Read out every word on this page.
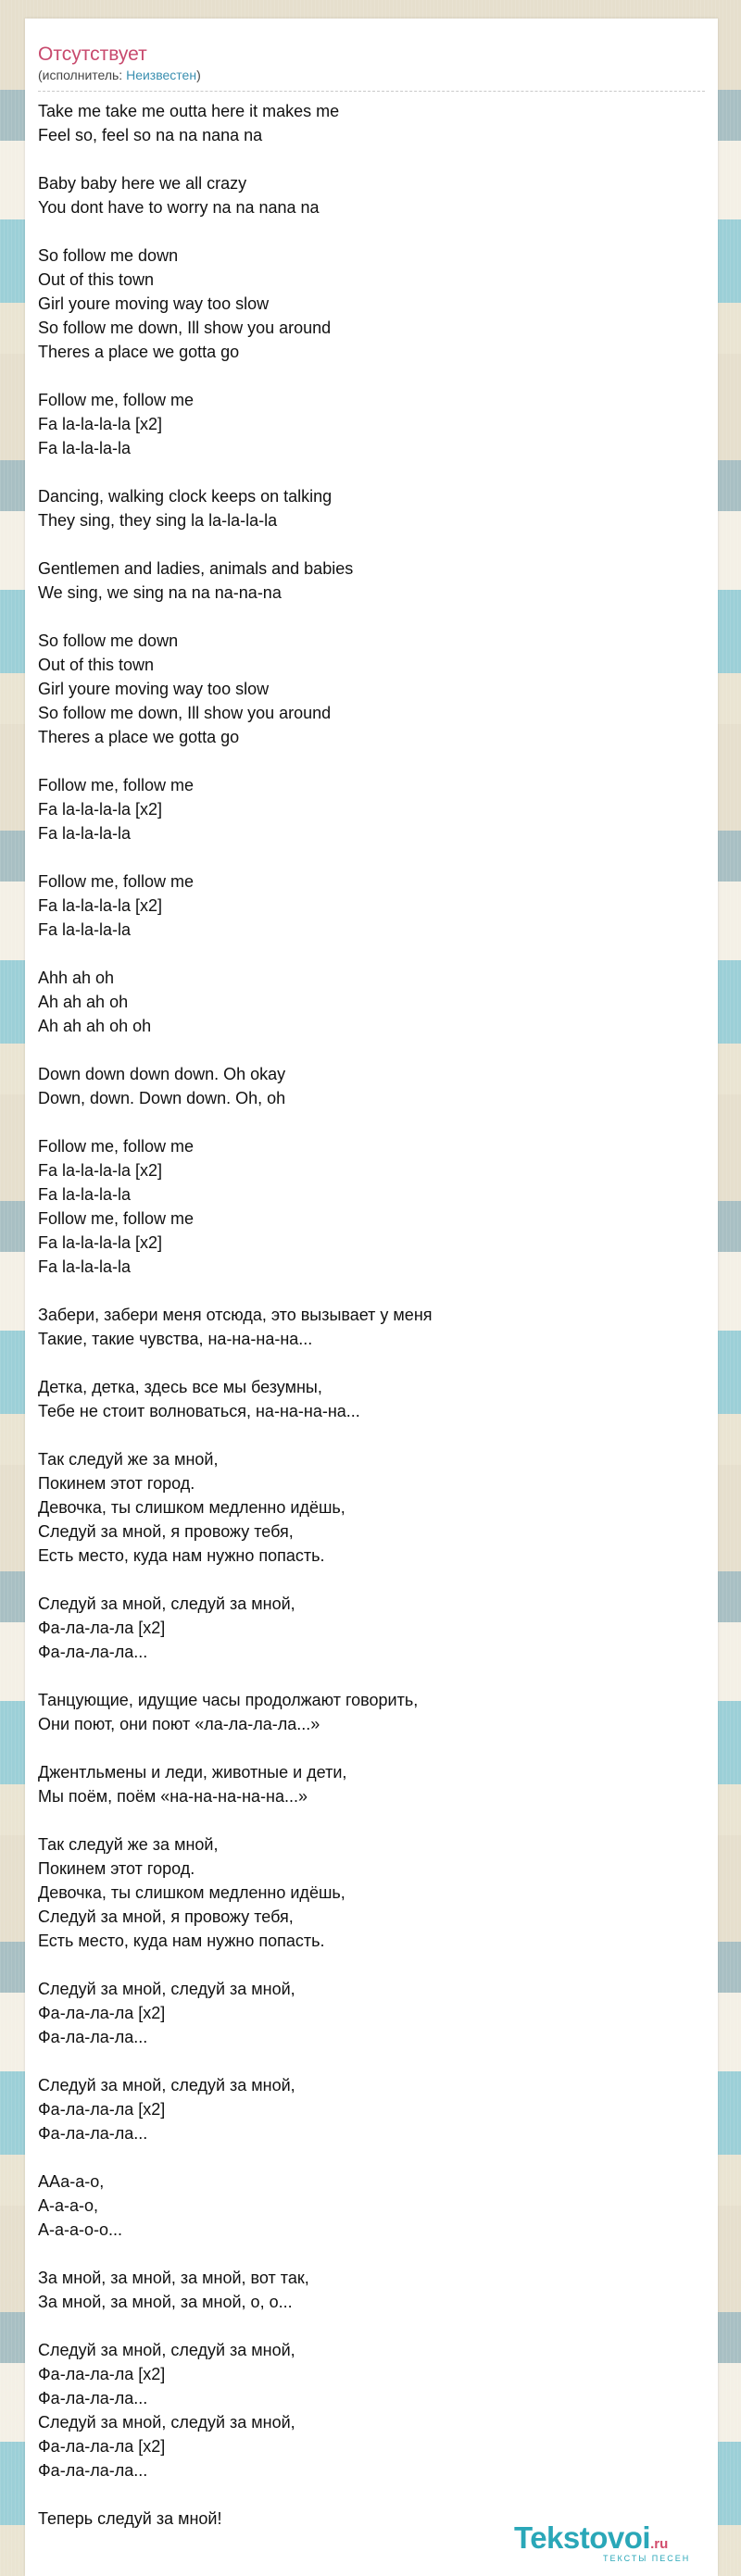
Отсутствует
(исполнитель: Неизвестен)
Take me take me outta here it makes me
Feel so, feel so na na nana na

Baby baby here we all crazy
You dont have to worry na na nana na

So follow me down
Out of this town
Girl youre moving way too slow
So follow me down, Ill show you around
Theres a place we gotta go

Follow me, follow me
Fa la-la-la-la [x2]
Fa la-la-la-la

Dancing, walking clock keeps on talking
They sing, they sing la la-la-la-la

Gentlemen and ladies, animals and babies
We sing, we sing na na na-na-na

So follow me down
Out of this town
Girl youre moving way too slow
So follow me down, Ill show you around
Theres a place we gotta go

Follow me, follow me
Fa la-la-la-la [x2]
Fa la-la-la-la

Follow me, follow me
Fa la-la-la-la [x2]
Fa la-la-la-la

Ahh ah oh
Ah ah ah oh
Ah ah ah oh oh

Down down down down. Oh okay
Down, down. Down down. Oh, oh

Follow me, follow me
Fa la-la-la-la [x2]
Fa la-la-la-la
Follow me, follow me
Fa la-la-la-la [x2]
Fa la-la-la-la

Забери, забери меня отсюда, это вызывает у меня
Такие, такие чувства, на-на-на-на...

Детка, детка, здесь все мы безумны,
Тебе не стоит волноваться, на-на-на-на...

Так следуй же за мной,
Покинем этот город.
Девочка, ты слишком медленно идёшь,
Следуй за мной, я провожу тебя,
Есть место, куда нам нужно попасть.

Следуй за мной, следуй за мной,
Фа-ла-ла-ла [x2]
Фа-ла-ла-ла...

Танцующие, идущие часы продолжают говорить,
Они поют, они поют «ла-ла-ла-ла...»

Джентльмены и леди, животные и дети,
Мы поём, поём «на-на-на-на-на...»

Так следуй же за мной,
Покинем этот город.
Девочка, ты слишком медленно идёшь,
Следуй за мной, я провожу тебя,
Есть место, куда нам нужно попасть.

Следуй за мной, следуй за мной,
Фа-ла-ла-ла [x2]
Фа-ла-ла-ла...

Следуй за мной, следуй за мной,
Фа-ла-ла-ла [x2]
Фа-ла-ла-ла...

ААа-а-о,
А-а-а-о,
А-а-а-о-о...

За мной, за мной, за мной, вот так,
За мной, за мной, за мной, о, о...

Следуй за мной, следуй за мной,
Фа-ла-ла-ла [x2]
Фа-ла-ла-ла...
Следуй за мной, следуй за мной,
Фа-ла-ла-ла [x2]
Фа-ла-ла-ла...

Теперь следуй за мной!
Tekstovoi.ru
ТЕКСТЫ ПЕСЕН
